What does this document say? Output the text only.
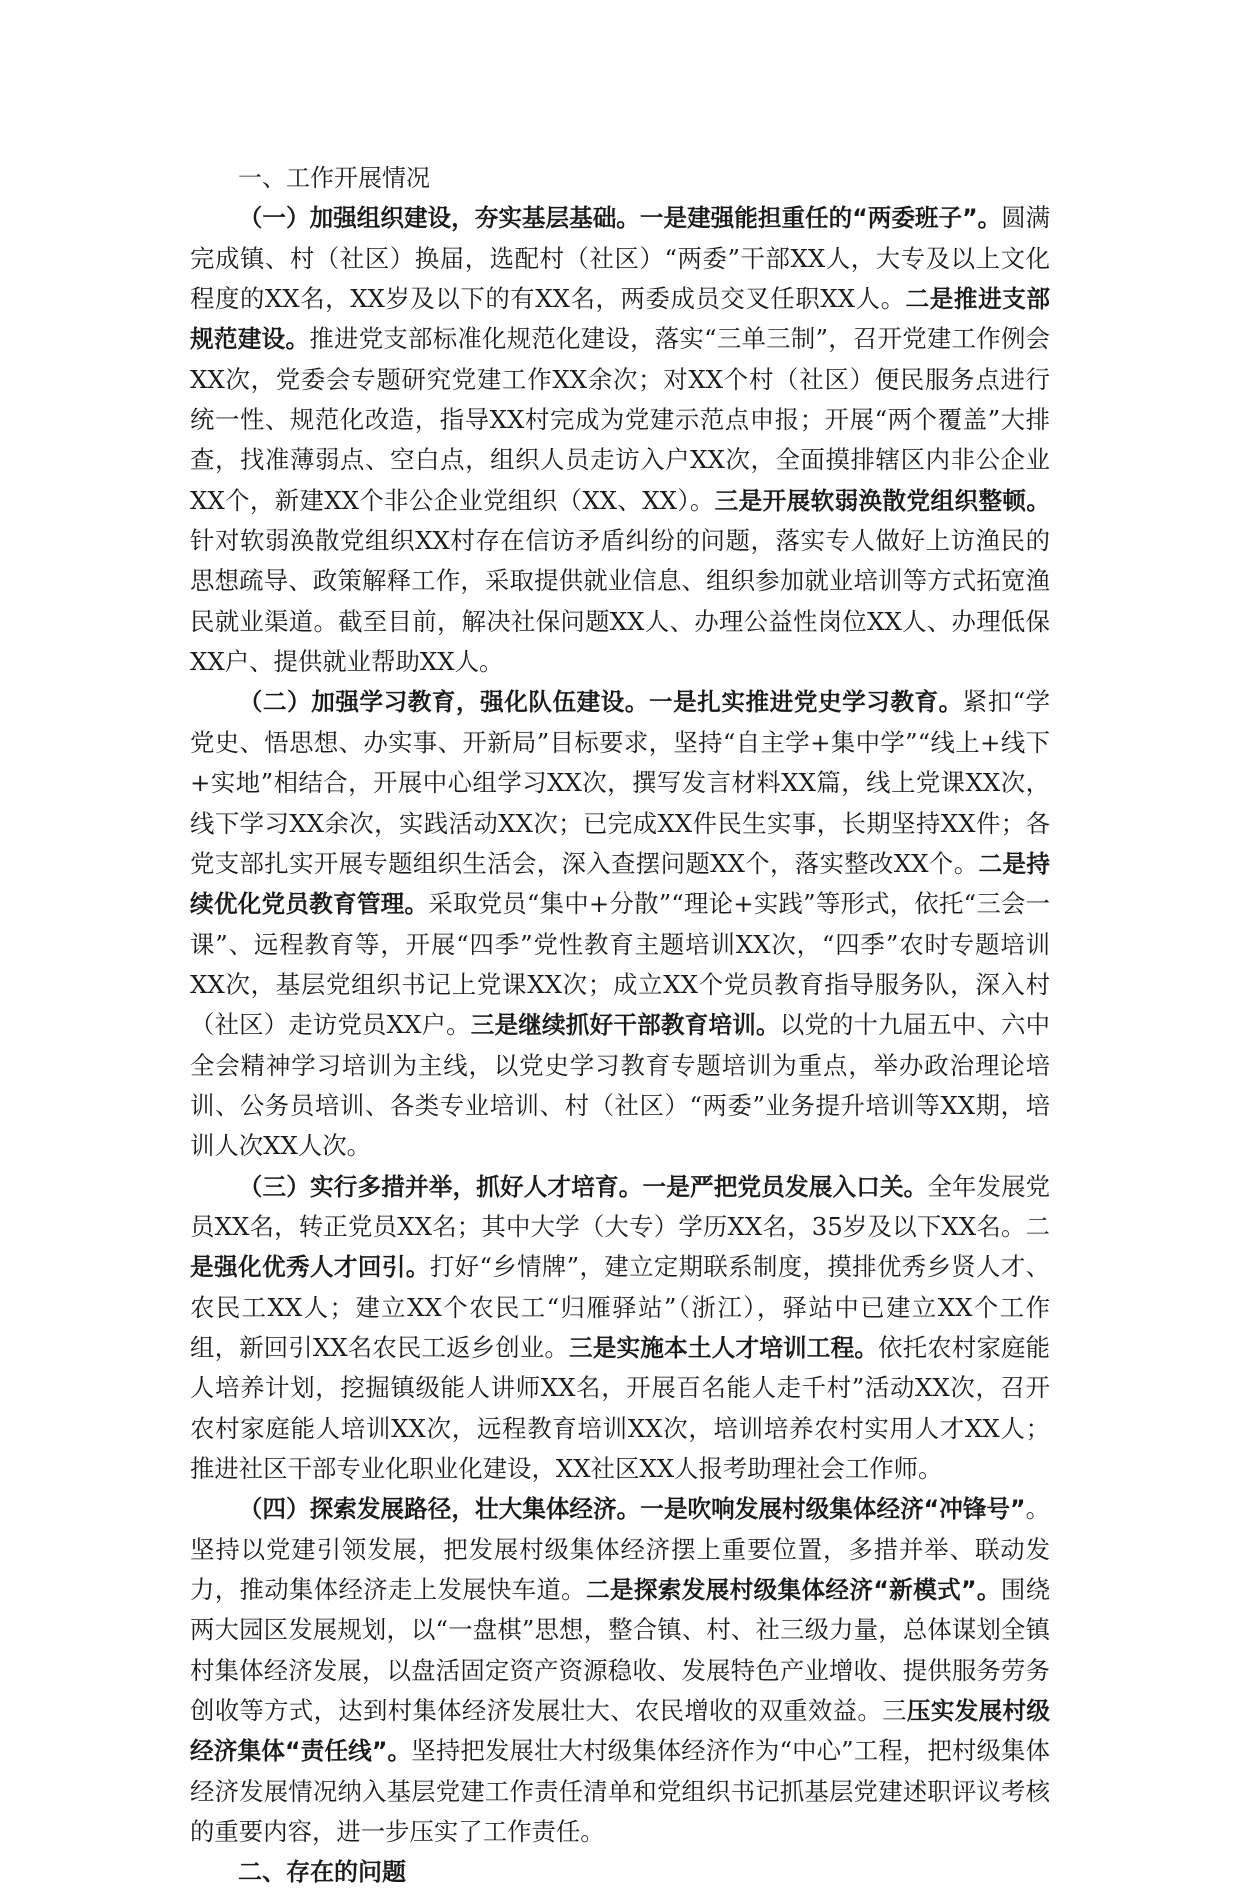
一、工作开展情况

（一）加强组织建设，夯实基层基础。一是建强能担重任的“两委班子”。圆满完成镇、村（社区）换届，选配村（社区）“两委”干部XX人，大专及以上文化程度的XX名，XX岁及以下的有XX名，两委成员交叉任职XX人。二是推进支部规范建设。推进党支部标准化规范化建设，落实“三单三制”，召开党建工作例会XX次，党委会专题研究党建工作XX余次；对XX个村（社区）便民服务点进行统一性、规范化改造，指导XX村完成为党建示范点申报；开展“两个覆盖”大排查，找准薄弱点、空白点，组织人员走访入户XX次，全面摸排辖区内非公企业XX个，新建XX个非公企业党组织（XX、XX）。三是开展软弱涣散党组织整顿。针对软弱涣散党组织XX村存在信访矛盾纠纷的问题，落实专人做好上访渔民的思想疏导、政策解释工作，采取提供就业信息、组织参加就业培训等方式拓宽渔民就业渠道。截至目前，解决社保问题XX人、办理公益性岗位XX人、办理低保XX户、提供就业帮助XX人。

（二）加强学习教育，强化队伍建设。一是扎实推进党史学习教育。紧扣“学党史、悟思想、办实事、开新局”目标要求，坚持“自主学+集中学”“线上+线下+实地”相结合，开展中心组学习XX次，撰写发言材料XX篇，线上党课XX次，线下学习XX余次，实践活动XX次；已完成XX件民生实事，长期坚持XX件；各党支部扎实开展专题组织生活会，深入查摆问题XX个，落实整改XX个。二是持续优化党员教育管理。采取党员“集中+分散”“理论+实践”等形式，依托“三会一课”、远程教育等，开展“四季”党性教育主题培训XX次，“四季”农时专题培训XX次，基层党组织书记上党课XX次；成立XX个党员教育指导服务队，深入村（社区）走访党员XX户。三是继续抓好干部教育培训。以党的十九届五中、六中全会精神学习培训为主线，以党史学习教育专题培训为重点，举办政治理论培训、公务员培训、各类专业培训、村（社区）“两委”业务提升培训等XX期，培训人次XX人次。

（三）实行多措并举，抓好人才培育。一是严把党员发展入口关。全年发展党员XX名，转正党员XX名；其中大学（大专）学历XX名，35岁及以下XX名。二是强化优秀人才回引。打好“乡情牌”，建立定期联系制度，摸排优秀乡贤人才、农民工XX人；建立XX个农民工“归雁驿站”（浙江），驿站中已建立XX个工作组，新回引XX名农民工返乡创业。三是实施本土人才培训工程。依托农村家庭能人培养计划，挖掘镇级能人讲师XX名，开展百名能人走千村”活动XX次，召开农村家庭能人培训XX次，远程教育培训XX次，培训培养农村实用人才XX人；推进社区干部专业化职业化建设，XX社区XX人报考助理社会工作师。

（四）探索发展路径，壮大集体经济。一是吹响发展村级集体经济“冲锋号”。坚持以党建引领发展，把发展村级集体经济摆上重要位置，多措并举、联动发力，推动集体经济走上发展快车道。二是探索发展村级集体经济“新模式”。围绕两大园区发展规划，以“一盘棋”思想，整合镇、村、社三级力量，总体谋划全镇村集体经济发展，以盘活固定资产资源稳收、发展特色产业增收、提供服务劳务创收等方式，达到村集体经济发展壮大、农民增收的双重效益。三压实发展村级经济集体“责任线”。坚持把发展壮大村级集体经济作为“中心”工程，把村级集体经济发展情况纳入基层党建工作责任清单和党组织书记抓基层党建述职评议考核的重要内容，进一步压实了工作责任。

二、存在的问题
